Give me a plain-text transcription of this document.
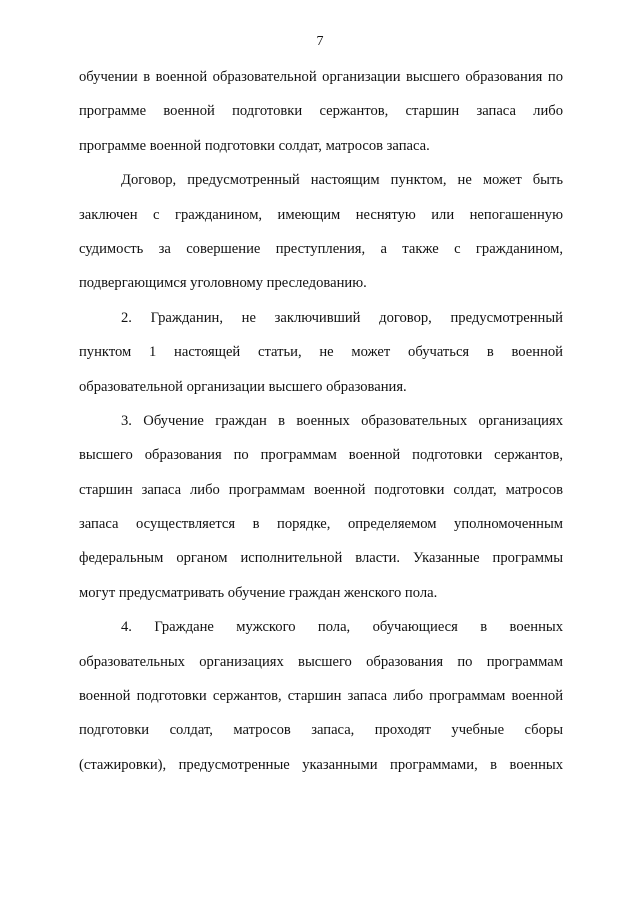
7
обучении в военной образовательной организации высшего образования по
программе военной подготовки сержантов, старшин запаса либо
программе военной подготовки солдат, матросов запаса.
Договор, предусмотренный настоящим пунктом, не может быть
заключен с гражданином, имеющим неснятую или непогашенную
судимость за совершение преступления, а также с гражданином,
подвергающимся уголовному преследованию.
2. Гражданин, не заключивший договор, предусмотренный
пунктом 1 настоящей статьи, не может обучаться в военной
образовательной организации высшего образования.
3. Обучение граждан в военных образовательных организациях
высшего образования по программам военной подготовки сержантов,
старшин запаса либо программам военной подготовки солдат, матросов
запаса осуществляется в порядке, определяемом уполномоченным
федеральным органом исполнительной власти. Указанные программы
могут предусматривать обучение граждан женского пола.
4. Граждане мужского пола, обучающиеся в военных
образовательных организациях высшего образования по программам
военной подготовки сержантов, старшин запаса либо программам военной
подготовки солдат, матросов запаса, проходят учебные сборы
(стажировки), предусмотренные указанными программами, в военных
